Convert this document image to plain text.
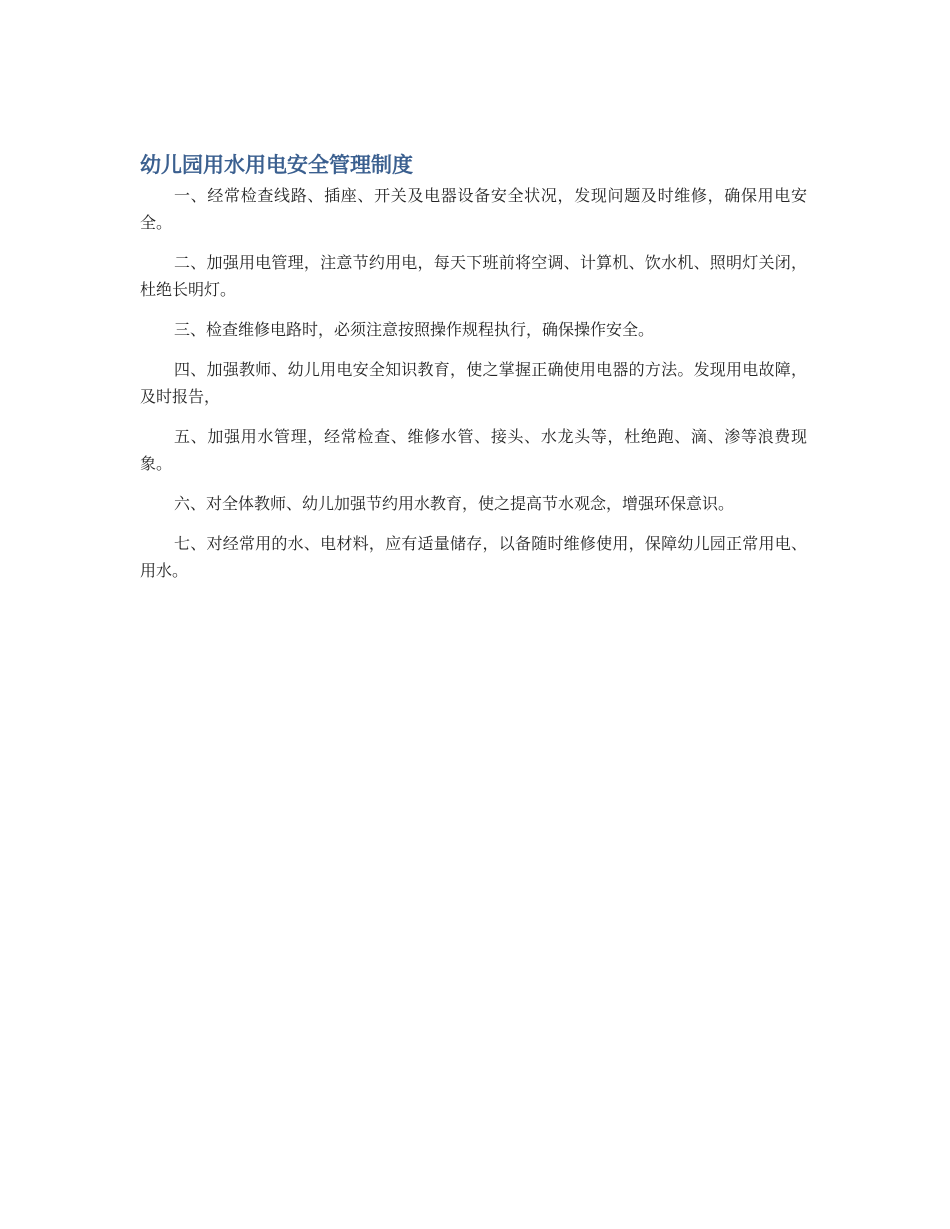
幼儿园用水用电安全管理制度

一、经常检查线路、插座、开关及电器设备安全状况，发现问题及时维修，确保用电安全。

二、加强用电管理，注意节约用电，每天下班前将空调、计算机、饮水机、照明灯关闭，杜绝长明灯。

三、检查维修电路时，必须注意按照操作规程执行，确保操作安全。

四、加强教师、幼儿用电安全知识教育，使之掌握正确使用电器的方法。发现用电故障，及时报告，

五、加强用水管理，经常检查、维修水管、接头、水龙头等，杜绝跑、滴、渗等浪费现象。

六、对全体教师、幼儿加强节约用水教育，使之提高节水观念，增强环保意识。

七、对经常用的水、电材料，应有适量储存，以备随时维修使用，保障幼儿园正常用电、用水。
